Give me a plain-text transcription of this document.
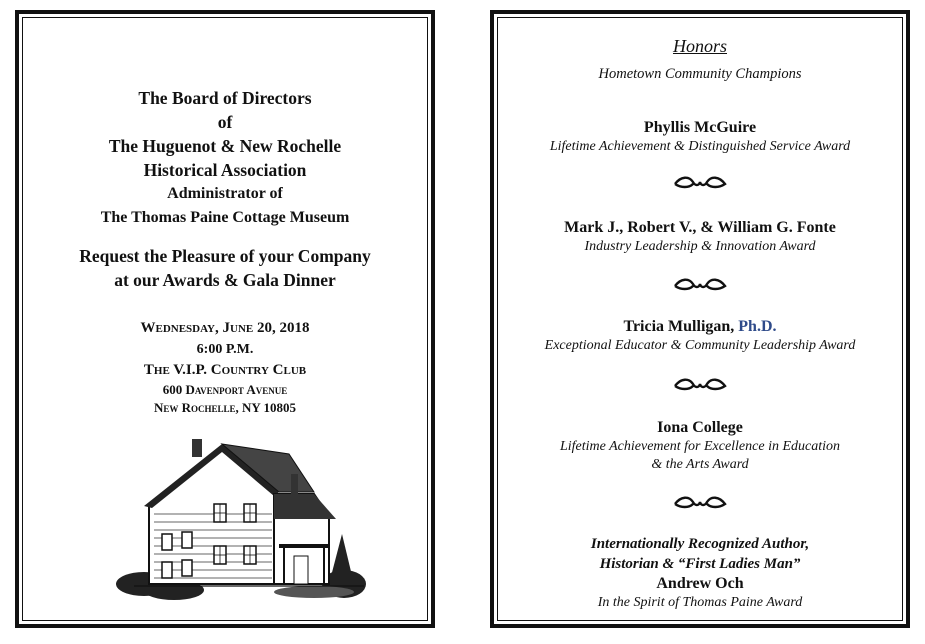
The Board of Directors
of
The Huguenot & New Rochelle
Historical Association
Administrator of
The Thomas Paine Cottage Museum
Request the Pleasure of your Company
at our Awards & Gala Dinner
Wednesday, June 20, 2018
6:00 P.M.
The V.I.P. Country Club
600 Davenport Avenue
New Rochelle, NY 10805
Honors
Hometown Community Champions
Phyllis McGuire
Lifetime Achievement & Distinguished Service Award
Mark J., Robert V., & William G. Fonte
Industry Leadership & Innovation Award
Tricia Mulligan, Ph.D.
Exceptional Educator & Community Leadership Award
Iona College
Lifetime Achievement for Excellence in Education
& the Arts Award
Internationally Recognized Author,
Historian & “First Ladies Man”
Andrew Och
In the Spirit of Thomas Paine Award
